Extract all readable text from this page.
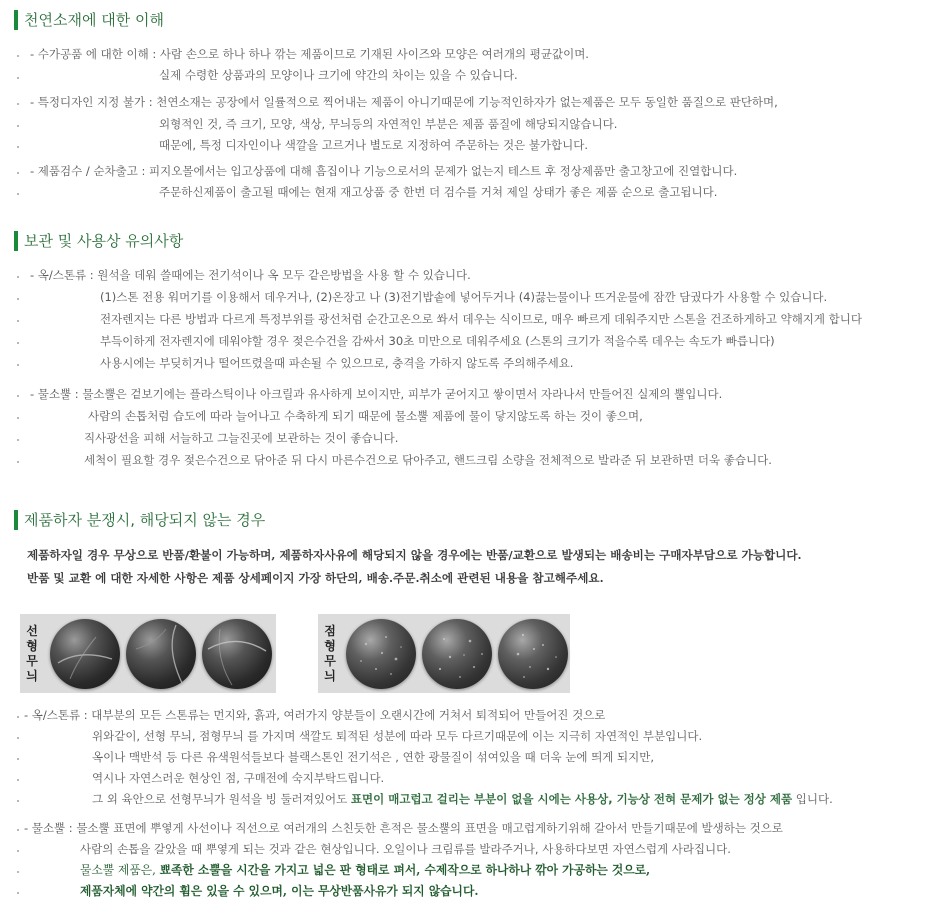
천연소재에 대한 이해
- 수가공품 에 대한 이해 : 사람 손으로 하나 하나 깎는 제품이므로 기재된 사이즈와 모양은 여러개의 평균값이며.
실제 수령한 상품과의 모양이나 크기에 약간의 차이는 있을 수 있습니다.
- 특정디자인 지정 불가 : 천연소재는 공장에서 일률적으로 찍어내는 제품이 아니기때문에 기능적인하자가 없는제품은 모두 동일한 품질으로 판단하며,
외형적인 것, 즉 크기, 모양, 색상, 무늬등의 자연적인 부분은 제품 품질에 해당되지않습니다.
때문에, 특정 디자인이나 색깔을 고르거나 별도로 지정하여 주문하는 것은 불가합니다.
- 제품검수 / 순차출고 : 피지오몰에서는 입고상품에 대해 흠집이나 기능으로서의 문제가 없는지 테스트 후 정상제품만 출고창고에 진열합니다.
주문하신제품이 출고될 때에는 현재 재고상품 중 한번 더 검수를 거쳐 제일 상태가 좋은 제품 순으로 출고됩니다.
보관 및 사용상 유의사항
- 옥/스톤류 : 원석을 데워 쓸때에는 전기석이나 옥 모두 같은방법을 사용 할 수 있습니다.
(1)스톤 전용 워머기를 이용해서 데우거나, (2)온장고 나 (3)전기밥솥에 넣어두거나 (4)끓는물이나 뜨거운물에 잠깐 담궜다가 사용할 수 있습니다.
전자렌지는 다른 방법과 다르게 특정부위를 광선처럼 순간고온으로 쏴서 데우는 식이므로, 매우 빠르게 데워주지만 스톤을 건조하게하고 약해지게 합니다
부득이하게 전자렌지에 데워야할 경우 젖은수건을 감싸서 30초 미만으로 데워주세요 (스톤의 크기가 적을수록 데우는 속도가 빠릅니다)
사용시에는 부딪히거나 떨어뜨렸을때 파손될 수 있으므로, 충격을 가하지 않도록 주의해주세요.
- 물소뿔 : 물소뿔은 겉보기에는 플라스틱이나 아크릴과 유사하게 보이지만, 피부가 굳어지고 쌓이면서 자라나서 만들어진 실제의 뿔입니다.
사람의 손톱처럼 습도에 따라 늘어나고 수축하게 되기 때문에 물소뿔 제품에 물이 닿지않도록 하는 것이 좋으며,
직사광선을 피해 서늘하고 그늘진곳에 보관하는 것이 좋습니다.
세척이 필요할 경우 젖은수건으로 닦아준 뒤 다시 마른수건으로 닦아주고, 핸드크림 소량을 전체적으로 발라준 뒤 보관하면 더욱 좋습니다.
제품하자 분쟁시, 해당되지 않는 경우
제품하자일 경우 무상으로 반품/환불이 가능하며, 제품하자사유에 해당되지 않을 경우에는 반품/교환으로 발생되는 배송비는 구매자부담으로 가능합니다.
반품 및 교환 에 대한 자세한 사항은 제품 상세페이지 가장 하단의, 배송.주문.취소에 관련된 내용을 참고해주세요.
선
형
무
늬
점
형
무
늬
- 옥/스톤류 : 대부분의 모든 스톤류는 먼지와, 흙과, 여러가지 양분들이 오랜시간에 거쳐서 퇴적되어 만들어진 것으로
위와같이, 선형 무늬, 점형무늬 를 가지며 색깔도 퇴적된 성분에 따라 모두 다르기때문에 이는 지극히 자연적인 부분입니다.
옥이나 맥반석 등 다른 유색원석들보다 블랙스톤인 전기석은 , 연한 광물질이 섞여있을 때 더욱 눈에 띄게 되지만,
역시나 자연스러운 현상인 점, 구매전에 숙지부탁드립니다.
그 외 육안으로 선형무늬가 원석을 빙 둘러져있어도 표면이 매고럽고 걸리는 부분이 없을 시에는 사용상, 기능상 전혀 문제가 없는 정상 제품 입니다.
- 물소뿔 : 물소뿔 표면에 뿌옇게 사선이나 직선으로 여러개의 스친듯한 흔적은 물소뿔의 표면을 매고럽게하기위해 갈아서 만들기때문에 발생하는 것으로
사람의 손톱을 갈았을 때 뿌옇게 되는 것과 같은 현상입니다. 오일이나 크림류를 발라주거나, 사용하다보면 자연스럽게 사라집니다.
물소뿔 제품은, 뾰족한 소뿔을 시간을 가지고 넓은 판 형태로 펴서, 수제작으로 하나하나 깎아 가공하는 것으로,
제품자체에 약간의 휨은 있을 수 있으며, 이는 무상반품사유가 되지 않습니다.
